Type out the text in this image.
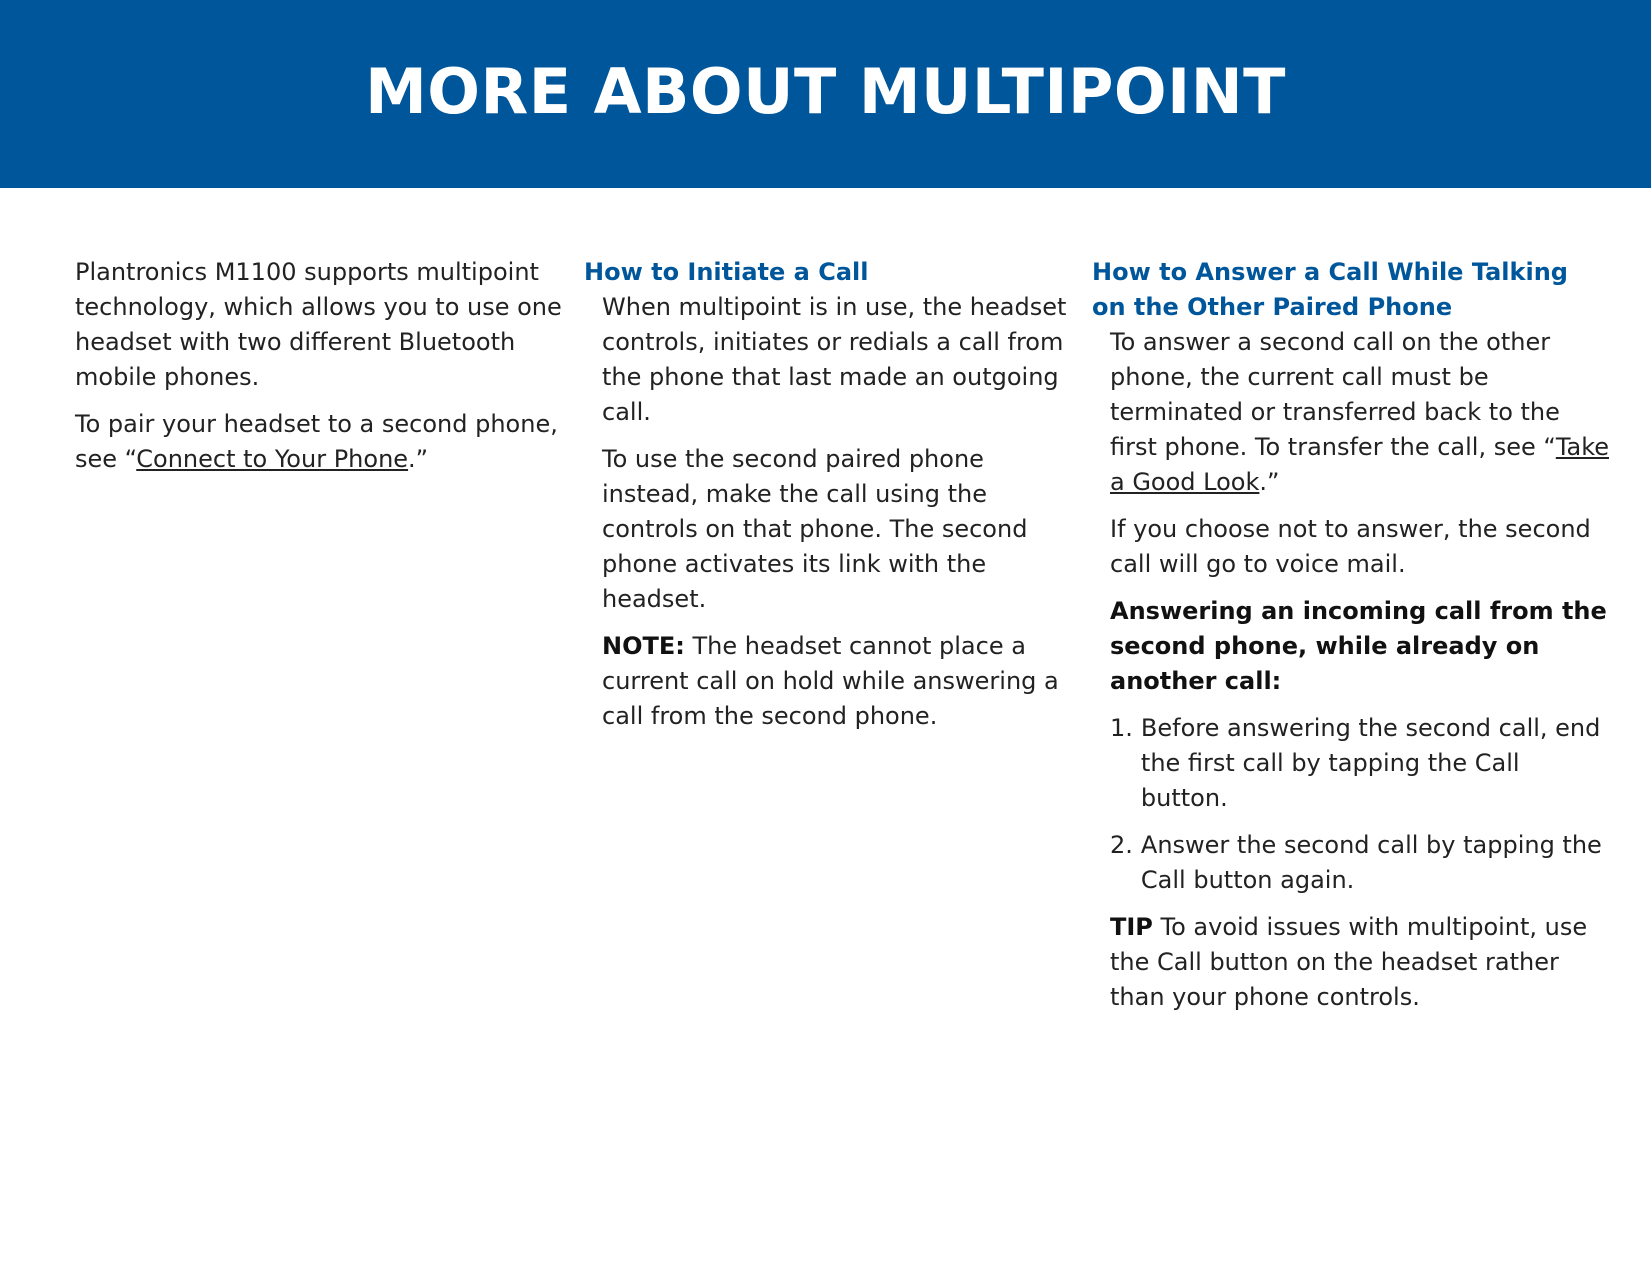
MORE ABOUT MULTIPOINT

Plantronics M1100 supports multipoint technology, which allows you to use one headset with two different Bluetooth mobile phones.

To pair your headset to a second phone, see “Connect to Your Phone.”

How to Initiate a Call

When multipoint is in use, the headset controls, initiates or redials a call from the phone that last made an outgoing call.

To use the second paired phone instead, make the call using the controls on that phone. The second phone activates its link with the headset.

NOTE: The headset cannot place a current call on hold while answering a call from the second phone.

How to Answer a Call While Talking
on the Other Paired Phone

To answer a second call on the other phone, the current call must be terminated or transferred back to the first phone. To transfer the call, see “Take a Good Look.”

If you choose not to answer, the second call will go to voice mail.

Answering an incoming call from the second phone, while already on another call:

1. Before answering the second call, end the first call by tapping the Call button.
2. Answer the second call by tapping the Call button again.

TIP To avoid issues with multipoint, use the Call button on the headset rather than your phone controls.
